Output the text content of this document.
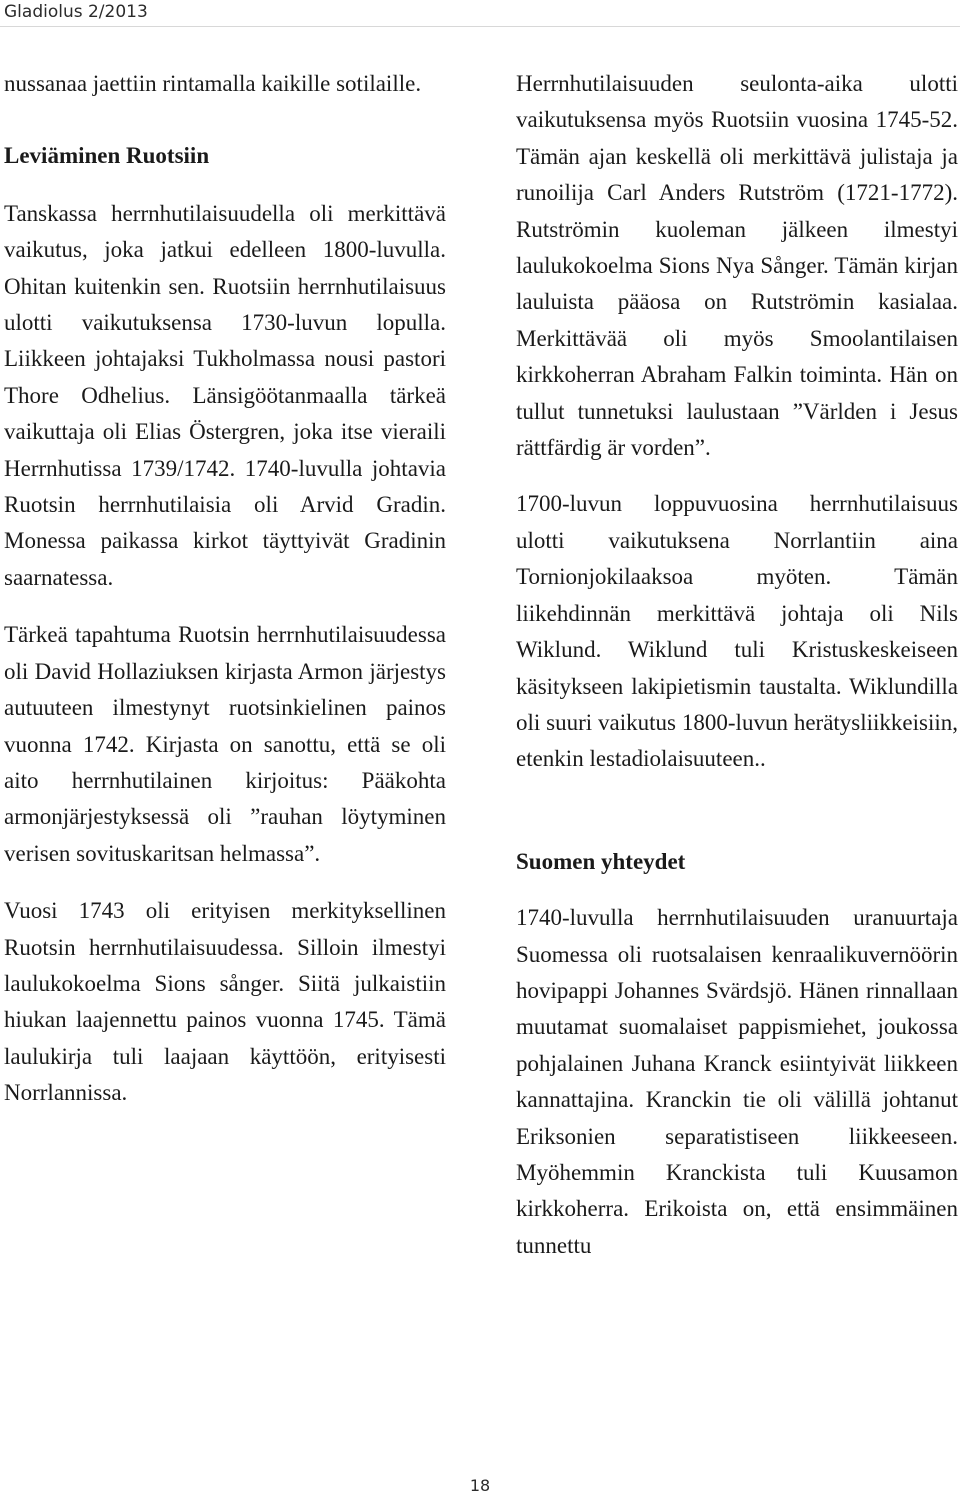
Gladiolus 2/2013

nussanaa jaettiin rintamalla kaikille sotilaille.

Leviäminen Ruotsiin

Tanskassa herrnhutilaisuudella oli merkittävä vaikutus, joka jatkui edelleen 1800-luvulla. Ohitan kuitenkin sen. Ruotsiin herrnhutilaisuus ulotti vaikutuksensa 1730-luvun lopulla. Liikkeen johtajaksi Tukholmassa nousi pastori Thore Odhelius. Länsigöötanmaalla tärkeä vaikuttaja oli Elias Östergren, joka itse vieraili Herrnhutissa 1739/1742. 1740-luvulla johtavia Ruotsin herrnhutilaisia oli Arvid Gradin. Monessa paikassa kirkot täyttyivät Gradinin saarnatessa.

Tärkeä tapahtuma Ruotsin herrnhutilaisuudessa oli David Hollaziuksen kirjasta Armon järjestys autuuteen ilmestynyt ruotsinkielinen painos vuonna 1742. Kirjasta on sanottu, että se oli aito herrnhutilainen kirjoitus: Pääkohta armonjärjestyksessä oli ”rauhan löytyminen verisen sovituskaritsan helmassa”.

Vuosi 1743 oli erityisen merkityksellinen Ruotsin herrnhutilaisuudessa. Silloin ilmestyi laulukokoelma Sions sånger. Siitä julkaistiin hiukan laajennettu painos vuonna 1745. Tämä laulukirja tuli laajaan käyttöön, erityisesti Norrlannissa.

Herrnhutilaisuuden seulonta-aika ulotti vaikutuksensa myös Ruotsiin vuosina 1745-52. Tämän ajan keskellä oli merkittävä julistaja ja runoilija Carl Anders Rutström (1721-1772). Rutströmin kuoleman jälkeen ilmestyi laulukokoelma Sions Nya Sånger. Tämän kirjan lauluista pääosa on Rutströmin kasialaa. Merkittävää oli myös Smoolantilaisen kirkkoherran Abraham Falkin toiminta. Hän on tullut tunnetuksi laulustaan ”Världen i Jesus rättfärdig är vorden”.

1700-luvun loppuvuosina herrnhutilaisuus ulotti vaikutuksena Norrlantiin aina Tornionjokilaaksoa myöten. Tämän liikehdinnän merkittävä johtaja oli Nils Wiklund. Wiklund tuli Kristuskeskeiseen käsitykseen lakipietismin taustalta. Wiklundilla oli suuri vaikutus 1800-luvun herätysliikkeisiin, etenkin lestadiolaisuuteen..

Suomen yhteydet

1740-luvulla herrnhutilaisuuden uranuurtaja Suomessa oli ruotsalaisen kenraalikuvernöörin hovipappi Johannes Svärdsjö. Hänen rinnallaan muutamat suomalaiset pappismiehet, joukossa pohjalainen Juhana Kranck esiintyivät liikkeen kannattajina. Kranckin tie oli välillä johtanut Eriksonien separatistiseen liikkeeseen. Myöhemmin Kranckista tuli Kuusamon kirkkoherra. Erikoista on, että ensimmäinen tunnettu

18
